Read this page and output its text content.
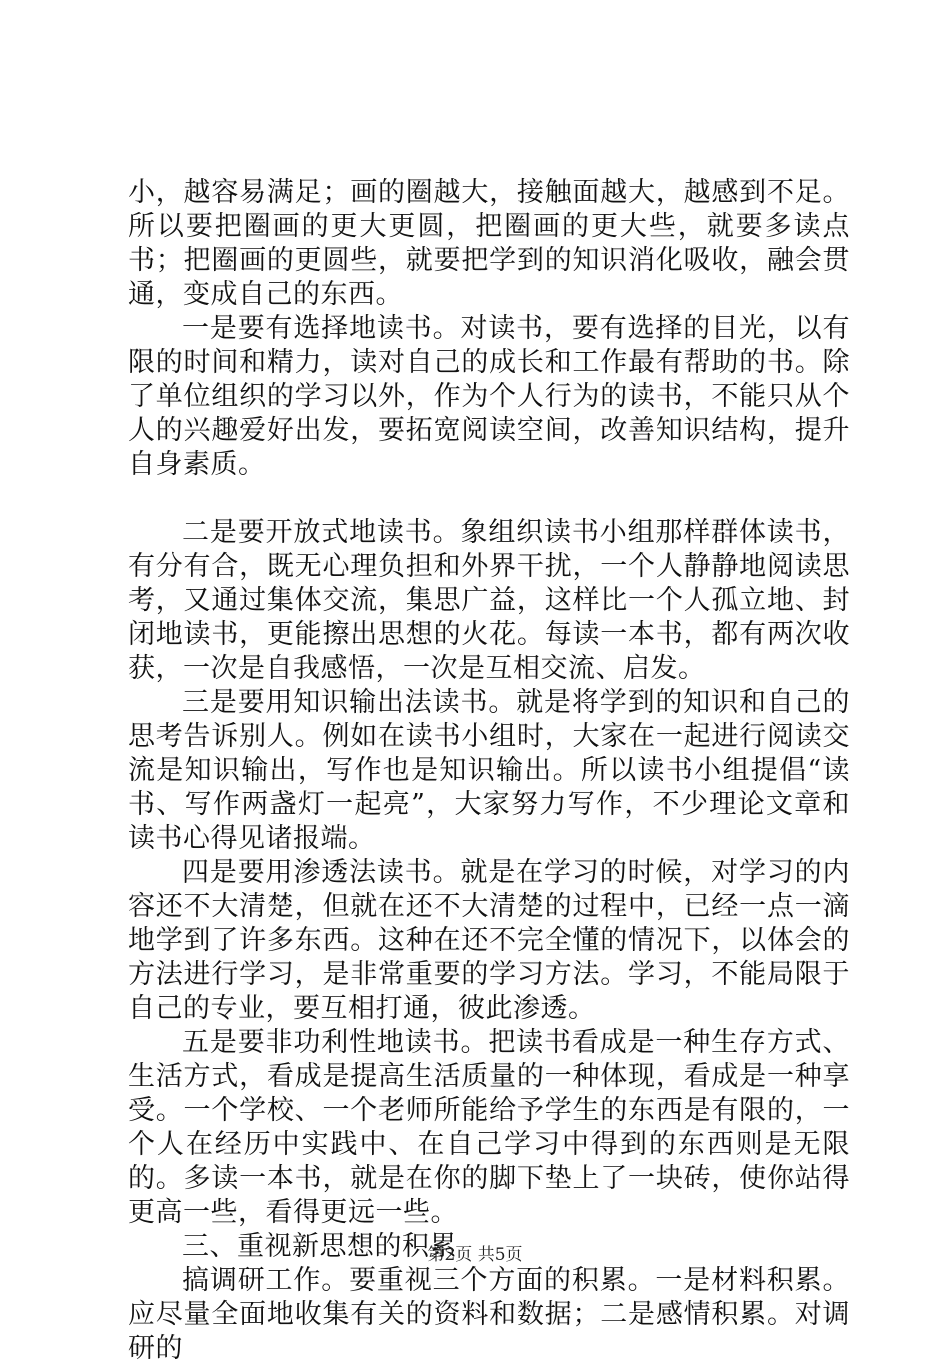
小，越容易满足；画的圈越大，接触面越大，越感到不足。所以要把圈画的更大更圆，把圈画的更大些，就要多读点书；把圈画的更圆些，就要把学到的知识消化吸收，融会贯通，变成自己的东西。

一是要有选择地读书。对读书，要有选择的目光，以有限的时间和精力，读对自己的成长和工作最有帮助的书。除了单位组织的学习以外，作为个人行为的读书，不能只从个人的兴趣爱好出发，要拓宽阅读空间，改善知识结构，提升自身素质。

二是要开放式地读书。象组织读书小组那样群体读书，有分有合，既无心理负担和外界干扰，一个人静静地阅读思考，又通过集体交流，集思广益，这样比一个人孤立地、封闭地读书，更能擦出思想的火花。每读一本书，都有两次收获，一次是自我感悟，一次是互相交流、启发。

三是要用知识输出法读书。就是将学到的知识和自己的思考告诉别人。例如在读书小组时，大家在一起进行阅读交流是知识输出，写作也是知识输出。所以读书小组提倡“读书、写作两盏灯一起亮”，大家努力写作，不少理论文章和读书心得见诸报端。

四是要用渗透法读书。就是在学习的时候，对学习的内容还不大清楚，但就在还不大清楚的过程中，已经一点一滴地学到了许多东西。这种在还不完全懂的情况下，以体会的方法进行学习，是非常重要的学习方法。学习，不能局限于自己的专业，要互相打通，彼此渗透。

五是要非功利性地读书。把读书看成是一种生存方式、生活方式，看成是提高生活质量的一种体现，看成是一种享受。一个学校、一个老师所能给予学生的东西是有限的，一个人在经历中实践中、在自己学习中得到的东西则是无限的。多读一本书，就是在你的脚下垫上了一块砖，使你站得更高一些，看得更远一些。

三、重视新思想的积累

搞调研工作。要重视三个方面的积累。一是材料积累。应尽量全面地收集有关的资料和数据；二是感情积累。对调研的

第2页 共5页
